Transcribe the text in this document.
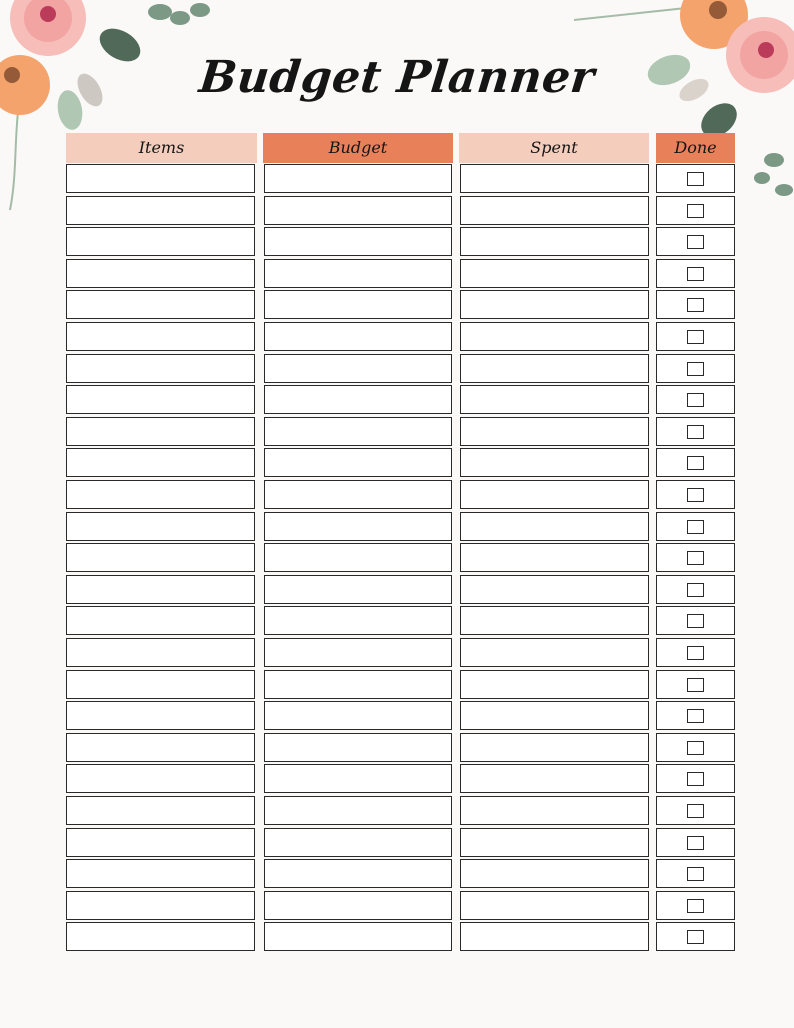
Budget Planner
Items	Budget	Spent	Done
